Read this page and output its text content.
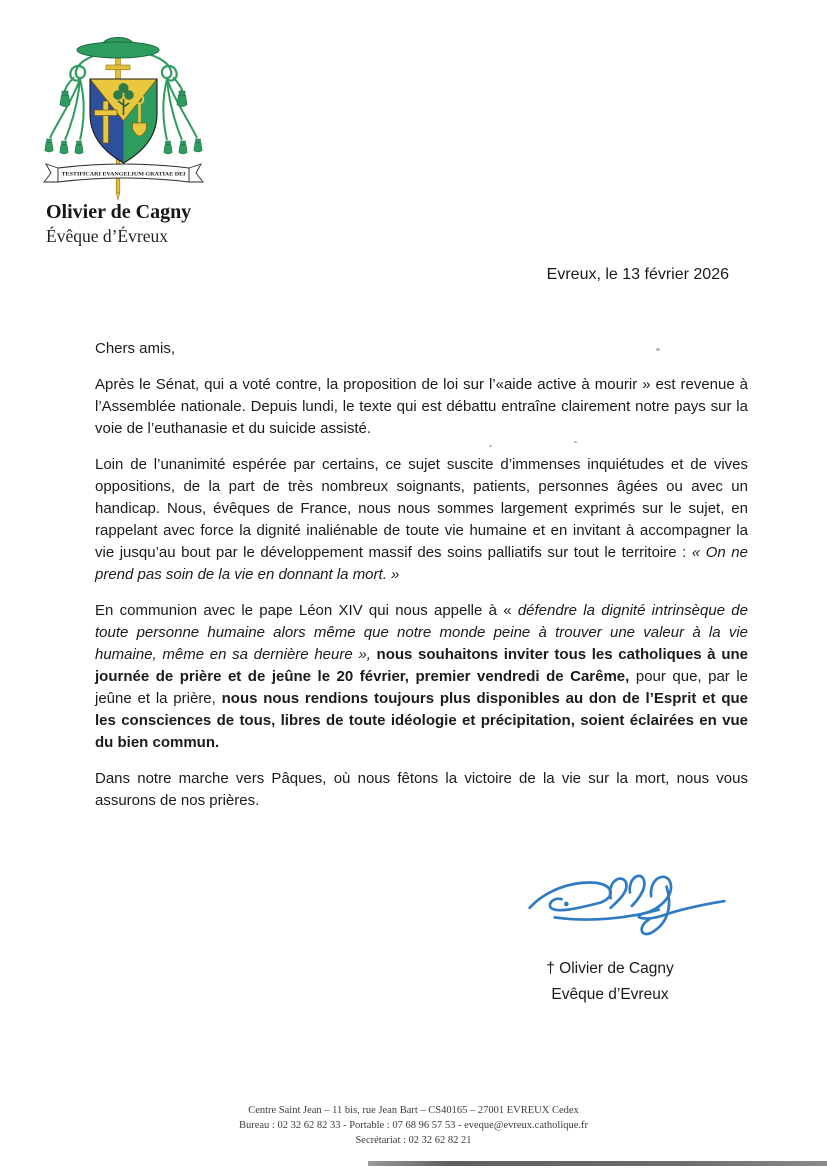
TESTIFICARI EVANGELIUM GRATIAE DEI
Olivier de Cagny
Évêque d’Évreux
Evreux, le 13 février 2026

Chers amis,

Après le Sénat, qui a voté contre, la proposition de loi sur l’«aide active à mourir » est revenue à l’Assemblée nationale. Depuis lundi, le texte qui est débattu entraîne clairement notre pays sur la voie de l’euthanasie et du suicide assisté.

Loin de l’unanimité espérée par certains, ce sujet suscite d’immenses inquiétudes et de vives oppositions, de la part de très nombreux soignants, patients, personnes âgées ou avec un handicap. Nous, évêques de France, nous nous sommes largement exprimés sur le sujet, en rappelant avec force la dignité inaliénable de toute vie humaine et en invitant à accompagner la vie jusqu’au bout par le développement massif des soins palliatifs sur tout le territoire : « On ne prend pas soin de la vie en donnant la mort. »

En communion avec le pape Léon XIV qui nous appelle à « défendre la dignité intrinsèque de toute personne humaine alors même que notre monde peine à trouver une valeur à la vie humaine, même en sa dernière heure », nous souhaitons inviter tous les catholiques à une journée de prière et de jeûne le 20 février, premier vendredi de Carême, pour que, par le jeûne et la prière, nous nous rendions toujours plus disponibles au don de l’Esprit et que les consciences de tous, libres de toute idéologie et précipitation, soient éclairées en vue du bien commun.

Dans notre marche vers Pâques, où nous fêtons la victoire de la vie sur la mort, nous vous assurons de nos prières.

† Olivier de Cagny
Evêque d’Evreux
Centre Saint Jean – 11 bis, rue Jean Bart – CS40165 – 27001 EVREUX Cedex
Bureau : 02 32 62 82 33 - Portable : 07 68 96 57 53 - eveque@evreux.catholique.fr
Secrétariat : 02 32 62 82 21
